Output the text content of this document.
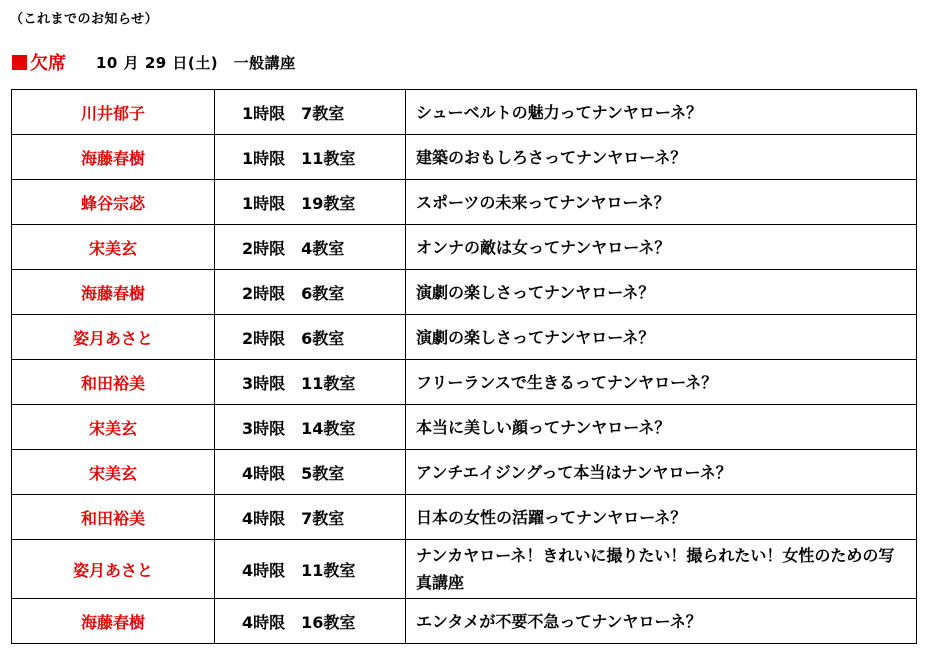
（これまでのお知らせ）
欠席 10 月 29 日(土)　一般講座
川井郁子	1時限　7教室	シューベルトの魅力ってナンヤローネ？
海藤春樹	1時限　11教室	建築のおもしろさってナンヤローネ？
蜂谷宗苾	1時限　19教室	スポーツの未来ってナンヤローネ？
宋美玄	2時限　4教室	オンナの敵は女ってナンヤローネ？
海藤春樹	2時限　6教室	演劇の楽しさってナンヤローネ？
姿月あさと	2時限　6教室	演劇の楽しさってナンヤローネ？
和田裕美	3時限　11教室	フリーランスで生きるってナンヤローネ？
宋美玄	3時限　14教室	本当に美しい顔ってナンヤローネ？
宋美玄	4時限　5教室	アンチエイジングって本当はナンヤローネ？
和田裕美	4時限　7教室	日本の女性の活躍ってナンヤローネ？
姿月あさと	4時限　11教室	ナンカヤローネ！きれいに撮りたい！撮られたい！女性のための写真講座
海藤春樹	4時限　16教室	エンタメが不要不急ってナンヤローネ？
